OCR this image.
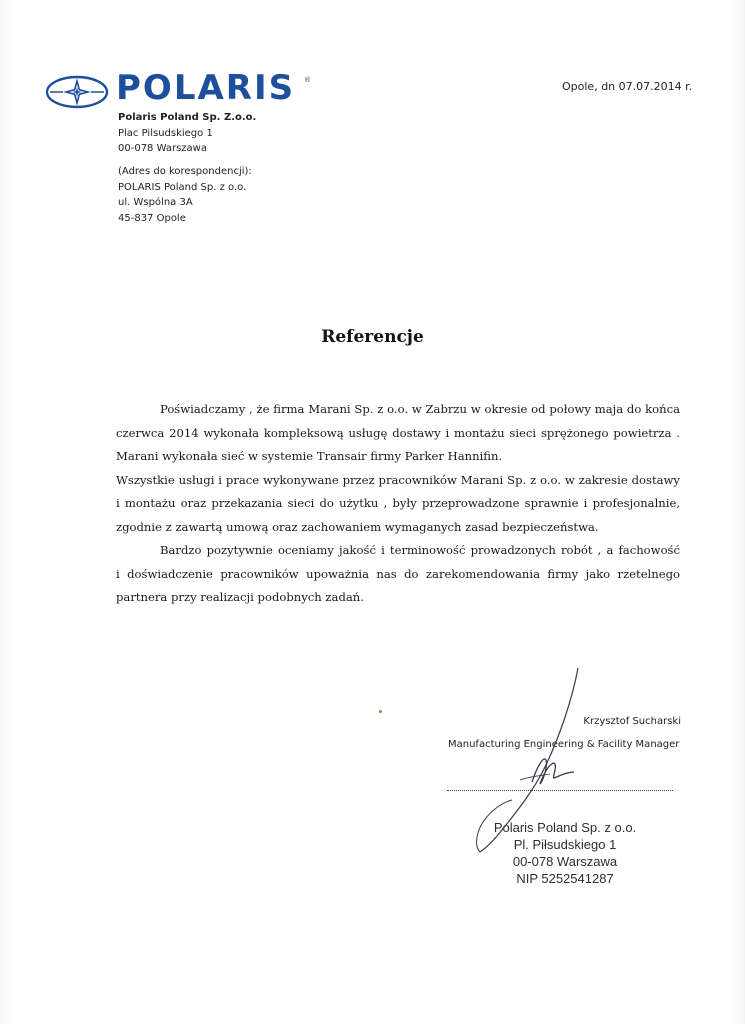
POLARIS ®	Opole, dn 07.07.2014 r.
Polaris Poland Sp. Z.o.o.
Plac Pilsudskiego 1
00-078 Warszawa
(Adres do korespondencji):
POLARIS Poland Sp. z o.o.
ul. Wspólna 3A
45-837 Opole
Referencje

Poświadczamy , że firma Marani Sp. z o.o. w Zabrzu w okresie od połowy maja do końca
czerwca 2014 wykonała kompleksową usługę dostawy i montażu sieci sprężonego powietrza .
Marani wykonała sieć w systemie Transair firmy Parker Hannifin.

Wszystkie usługi i prace wykonywane przez pracowników Marani Sp. z o.o. w zakresie dostawy
i montażu oraz przekazania sieci do użytku , były przeprowadzone sprawnie i profesjonalnie,
zgodnie z zawartą umową oraz zachowaniem wymaganych zasad bezpieczeństwa.

Bardzo pozytywnie oceniamy jakość i terminowość prowadzonych robót , a fachowość
i doświadczenie pracowników upoważnia nas do zarekomendowania firmy jako rzetelnego
partnera przy realizacji podobnych zadań.

Krzysztof Sucharski
Manufacturing Engineering & Facility Manager
Polaris Poland Sp. z o.o.
Pl. Piłsudskiego 1
00-078 Warszawa
NIP 5252541287
